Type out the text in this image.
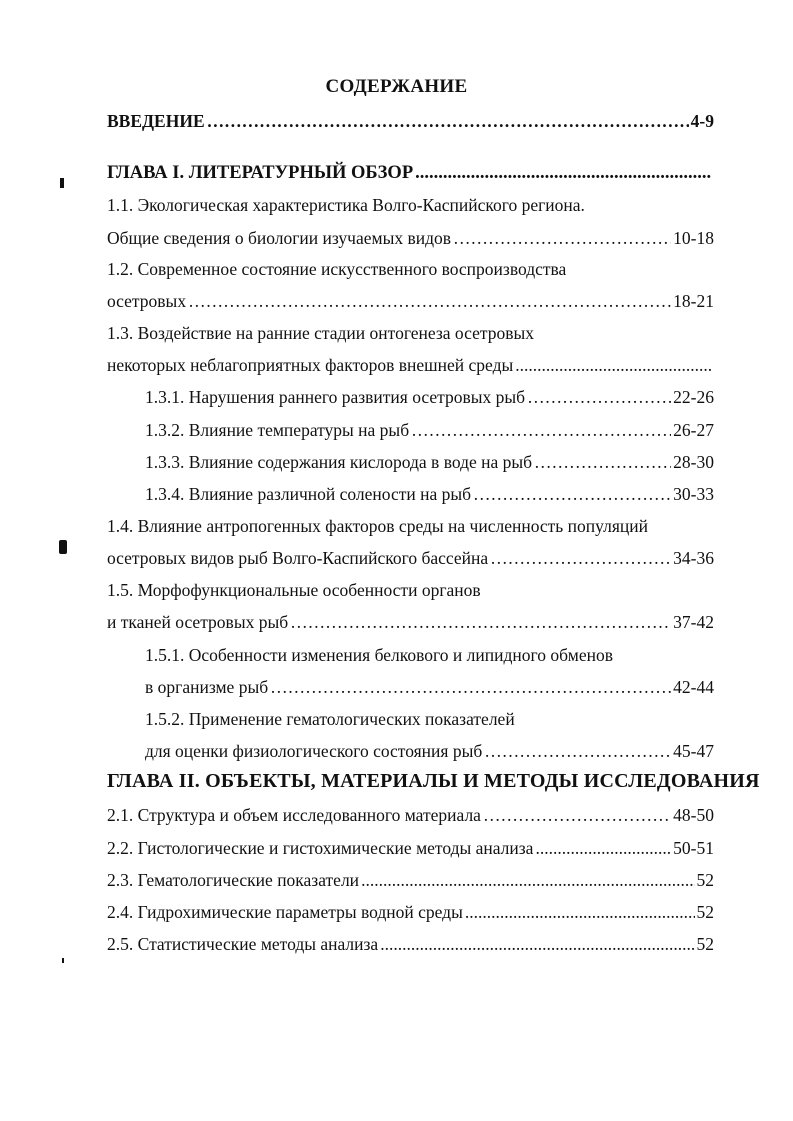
СОДЕРЖАНИЕ
ВВЕДЕНИЕ …………………………………………………………………………………………………………………………………………………………	4-9
ГЛАВА I. ЛИТЕРАТУРНЫЙ ОБЗОР
.....
1.1. Экологическая характеристика Волго-Каспийского региона.
Общие сведения о биологии изучаемых видов …………………………………………………………………………………………………………………………………………………………	10-18
1.2. Современное состояние искусственного воспроизводства
осетровых …………………………………………………………………………………………………………………………………………………………	18-21
1.3. Воздействие на ранние стадии онтогенеза осетровых
некоторых неблагоприятных факторов внешней среды
.....
1.3.1. Нарушения раннего развития осетровых рыб …………………………………………………………………………………………………………………………………………………………	22-26
1.3.2. Влияние температуры на рыб …………………………………………………………………………………………………………………………………………………………	26-27
1.3.3. Влияние содержания кислорода в воде на рыб …………………………………………………………………………………………………………………………………………………………	28-30
1.3.4. Влияние различной солености на рыб …………………………………………………………………………………………………………………………………………………………	30-33
1.4. Влияние антропогенных факторов среды на численность популяций
осетровых видов рыб Волго-Каспийского бассейна …………………………………………………………………………………………………………………………………………………………	34-36
1.5. Морфофункциональные особенности органов
и тканей осетровых рыб …………………………………………………………………………………………………………………………………………………………	37-42
1.5.1. Особенности изменения белкового и липидного обменов
в организме рыб …………………………………………………………………………………………………………………………………………………………	42-44
1.5.2. Применение гематологических показателей
для оценки физиологического состояния рыб …………………………………………………………………………………………………………………………………………………………	45-47
ГЛАВА II. ОБЪЕКТЫ, МАТЕРИАЛЫ И МЕТОДЫ ИССЛЕДОВАНИЯ
2.1. Структура и объем исследованного материала …………………………………………………………………………………………………………………………………………………………	48-50
2.2. Гистологические и гистохимические методы анализа .....	50-51
2.3. Гематологические показатели .....	52
2.4. Гидрохимические параметры водной среды .....	52
2.5. Статистические методы анализа .....	52
